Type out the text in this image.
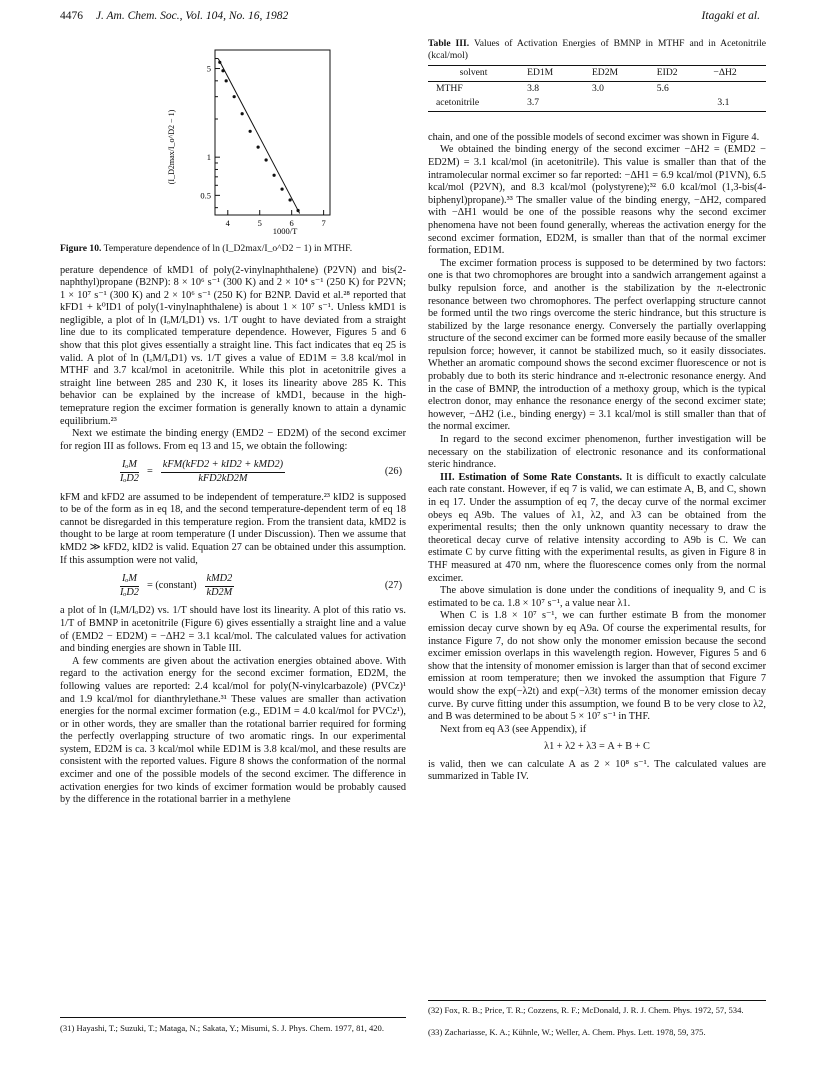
4476 J. Am. Chem. Soc., Vol. 104, No. 16, 1982	Itagaki et al.
4	5	6	7
5
1
0.5
(I_D2max/I_o^D2 − 1)
1000/T
Figure 10. Temperature dependence of ln (I_D2max/I_o^D2 − 1) in MTHF.

perature dependence of kMD1 of poly(2-vinylnaphthalene) (P2VN) and bis(2-naphthyl)propane (B2NP): 8 × 10⁶ s⁻¹ (300 K) and 2 × 10⁴ s⁻¹ (250 K) for P2VN; 1 × 10⁷ s⁻¹ (300 K) and 2 × 10⁶ s⁻¹ (250 K) for B2NP. David et al.²⁸ reported that kFD1 + k⁰ID1 of poly(1-vinylnaphthalene) is about 1 × 10⁷ s⁻¹. Unless kMD1 is negligible, a plot of ln (IₒM/IₒD1) vs. 1/T ought to have deviated from a straight line due to its complicated temperature dependence. However, Figures 5 and 6 show that this plot gives essentially a straight line. This fact indicates that eq 25 is valid. A plot of ln (IₒM/IₒD1) vs. 1/T gives a value of ED1M = 3.8 kcal/mol in MTHF and 3.7 kcal/mol in acetonitrile. While this plot in acetonitrile gives a straight line between 285 and 230 K, it loses its linearity above 285 K. This behavior can be explained by the increase of kMD1, because in the high-temeprature region the excimer formation is generally known to attain a dynamic equilibrium.²³

Next we estimate the binding energy (EMD2 − ED2M) of the second excimer for region III as follows. From eq 13 and 15, we obtain the following:

$\frac{\text{IₒM}}{\text{IₒD2}} = \frac{\text{kFM(kFD2 + kID2 + kMD2)}}{\text{kFD2kD2M}}$	(26)

kFM and kFD2 are assumed to be independent of temperature.²³ kID2 is supposed to be of the form as in eq 18, and the second temperature-dependent term of eq 18 cannot be disregarded in this temperature region. From the transient data, kMD2 is thought to be large at room temperature (I under Discussion). Then we assume that kMD2 ≫ kFD2, kID2 is valid. Equation 27 can be obtained under this assumption. If this assumption were not valid,

$\frac{\text{IₒM}}{\text{IₒD2}}$ = (constant) $\frac{\text{kMD2}}{kD2M}$	(27)

a plot of ln (IₒM/IₒD2) vs. 1/T should have lost its linearity. A plot of this ratio vs. 1/T of BMNP in acetonitrile (Figure 6) gives essentially a straight line and a value of (EMD2 − ED2M) = −ΔH2 = 3.1 kcal/mol. The calculated values for activation and binding energies are shown in Table III.

A few comments are given about the activation energies obtained above. With regard to the activation energy for the second excimer formation, ED2M, the following values are reported: 2.4 kcal/mol for poly(N-vinylcarbazole) (PVCz)¹ and 1.9 kcal/mol for dianthrylethane.³¹ These values are smaller than activation energies for the normal excimer formation (e.g., ED1M = 4.0 kcal/mol for PVCz¹), or in other words, they are smaller than the rotational barrier required for forming the perfectly overlapping structure of two aromatic rings. In our experimental system, ED2M is ca. 3 kcal/mol while ED1M is 3.8 kcal/mol, and these results are consistent with the reported values. Figure 8 shows the conformation of the normal excimer and one of the possible models of the second excimer. The difference in activation energies for two kinds of excimer formation would be probably caused by the difference in the rotational barrier in a methylene

(31) Hayashi, T.; Suzuki, T.; Mataga, N.; Sakata, Y.; Misumi, S. J. Phys. Chem. 1977, 81, 420.
Table III. Values of Activation Energies of BMNP in MTHF and in Acetonitrile (kcal/mol)
solvent	ED1M	ED2M	EID2	−ΔH2
MTHF	3.8	3.0	5.6	
acetonitrile	3.7			3.1

chain, and one of the possible models of second excimer was shown in Figure 4.

We obtained the binding energy of the second excimer −ΔH2 = (EMD2 − ED2M) = 3.1 kcal/mol (in acetonitrile). This value is smaller than that of the intramolecular normal excimer so far reported: −ΔH1 = 6.9 kcal/mol (P1VN), 6.5 kcal/mol (P2VN), and 8.3 kcal/mol (polystyrene);³² 6.0 kcal/mol (1,3-bis(4-biphenyl)propane).³³ The smaller value of the binding energy, −ΔH2, compared with −ΔH1 would be one of the possible reasons why the second excimer phenomena have not been found generally, whereas the activation energy for the second excimer formation, ED2M, is smaller than that of the normal excimer formation, ED1M.

The excimer formation process is supposed to be determined by two factors: one is that two chromophores are brought into a sandwich arrangement against a bulky repulsion force, and another is the stabilization by the π-electronic resonance between two chromophores. The perfect overlapping structure cannot be formed until the two rings overcome the steric hindrance, but this structure is stabilized by the large resonance energy. Conversely the partially overlapping structure of the second excimer can be formed more easily because of the smaller repulsion force; however, it cannot be stabilized much, so it easily dissociates. Whether an aromatic compound shows the second excimer fluorescence or not is probably due to both its steric hindrance and π-electronic resonance energy. And in the case of BMNP, the introduction of a methoxy group, which is the typical electron donor, may enhance the resonance energy of the second excimer state; however, −ΔH2 (i.e., binding energy) = 3.1 kcal/mol is still smaller than that of the normal excimer.

In regard to the second excimer phenomenon, further investigation will be necessary on the stabilization of electronic resonance and its conformational steric hindrance.

III. Estimation of Some Rate Constants. It is difficult to exactly calculate each rate constant. However, if eq 7 is valid, we can estimate A, B, and C, shown in eq 17. Under the assumption of eq 7, the decay curve of the normal excimer obeys eq A9b. The values of λ1, λ2, and λ3 can be obtained from the experimental results; then the only unknown quantity necessary to draw the theoretical decay curve of relative intensity according to A9b is C. We can estimate C by curve fitting with the experimental results, as given in Figure 8 in THF measured at 470 nm, where the fluorescence comes only from the normal excimer.

The above simulation is done under the conditions of inequality 9, and C is estimated to be ca. 1.8 × 10⁷ s⁻¹, a value near λ1.

When C is 1.8 × 10⁷ s⁻¹, we can further estimate B from the monomer emission decay curve shown by eq A9a. Of course the experimental results, for instance Figure 7, do not show only the monomer emission because the second excimer emission overlaps in this wavelength region. However, Figures 5 and 6 show that the intensity of monomer emission is larger than that of second excimer emission at room temperature; then we invoked the assumption that Figure 7 would show the exp(−λ2t) and exp(−λ3t) terms of the monomer emission decay curve. By curve fitting under this assumption, we found B to be very close to λ2, and B was determined to be about 5 × 10⁷ s⁻¹ in THF.

Next from eq A3 (see Appendix), if

λ1 + λ2 + λ3 = A + B + C

is valid, then we can calculate A as 2 × 10⁸ s⁻¹. The calculated values are summarized in Table IV.

(32) Fox, R. B.; Price, T. R.; Cozzens, R. F.; McDonald, J. R. J. Chem. Phys. 1972, 57, 534.
(33) Zachariasse, K. A.; Kühnle, W.; Weller, A. Chem. Phys. Lett. 1978, 59, 375.
